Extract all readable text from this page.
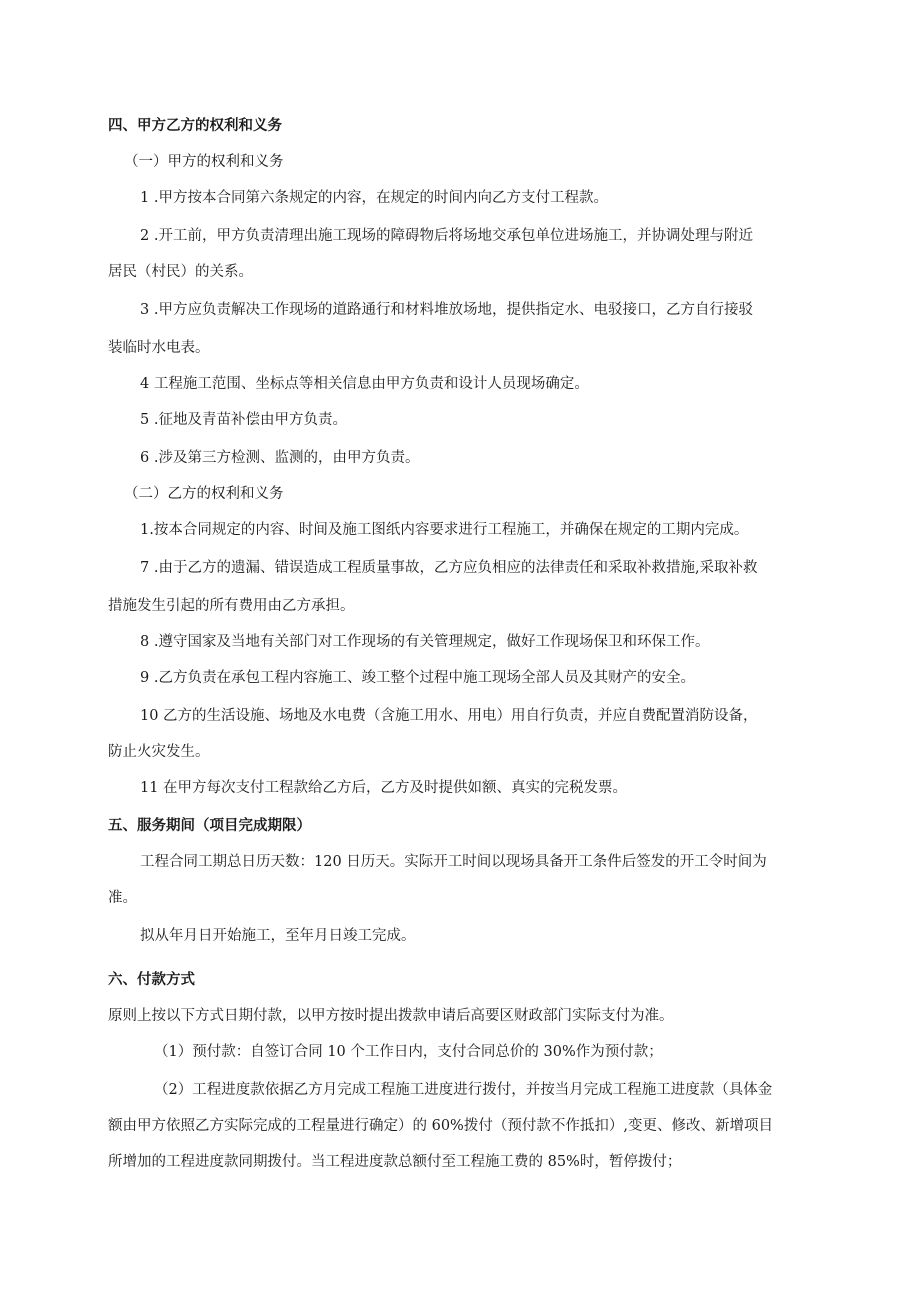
四、甲方乙方的权利和义务
（一）甲方的权利和义务
1 .甲方按本合同第六条规定的内容，在规定的时间内向乙方支付工程款。
2 .开工前，甲方负责清理出施工现场的障碍物后将场地交承包单位进场施工，并协调处理与附近
居民（村民）的关系。
3 .甲方应负责解决工作现场的道路通行和材料堆放场地，提供指定水、电驳接口，乙方自行接驳
装临时水电表。
4 工程施工范围、坐标点等相关信息由甲方负责和设计人员现场确定。
5 .征地及青苗补偿由甲方负责。
6 .涉及第三方检测、监测的，由甲方负责。
（二）乙方的权利和义务
1.按本合同规定的内容、时间及施工图纸内容要求进行工程施工，并确保在规定的工期内完成。
7 .由于乙方的遗漏、错误造成工程质量事故，乙方应负相应的法律责任和采取补救措施,采取补救
措施发生引起的所有费用由乙方承担。
8 .遵守国家及当地有关部门对工作现场的有关管理规定，做好工作现场保卫和环保工作。
9 .乙方负责在承包工程内容施工、竣工整个过程中施工现场全部人员及其财产的安全。
10 乙方的生活设施、场地及水电费（含施工用水、用电）用自行负责，并应自费配置消防设备，
防止火灾发生。
11 在甲方每次支付工程款给乙方后，乙方及时提供如额、真实的完税发票。
五、服务期间（项目完成期限）
工程合同工期总日历天数：120 日历天。实际开工时间以现场具备开工条件后签发的开工令时间为
准。
拟从年月日开始施工，至年月日竣工完成。
六、付款方式
原则上按以下方式日期付款，以甲方按时提出拨款申请后高要区财政部门实际支付为准。
（1）预付款：自签订合同 10 个工作日内，支付合同总价的 30%作为预付款；
（2）工程进度款依据乙方月完成工程施工进度进行拨付，并按当月完成工程施工进度款（具体金
额由甲方依照乙方实际完成的工程量进行确定）的 60%拨付（预付款不作抵扣）,变更、修改、新增项目
所增加的工程进度款同期拨付。当工程进度款总额付至工程施工费的 85%时，暂停拨付；
